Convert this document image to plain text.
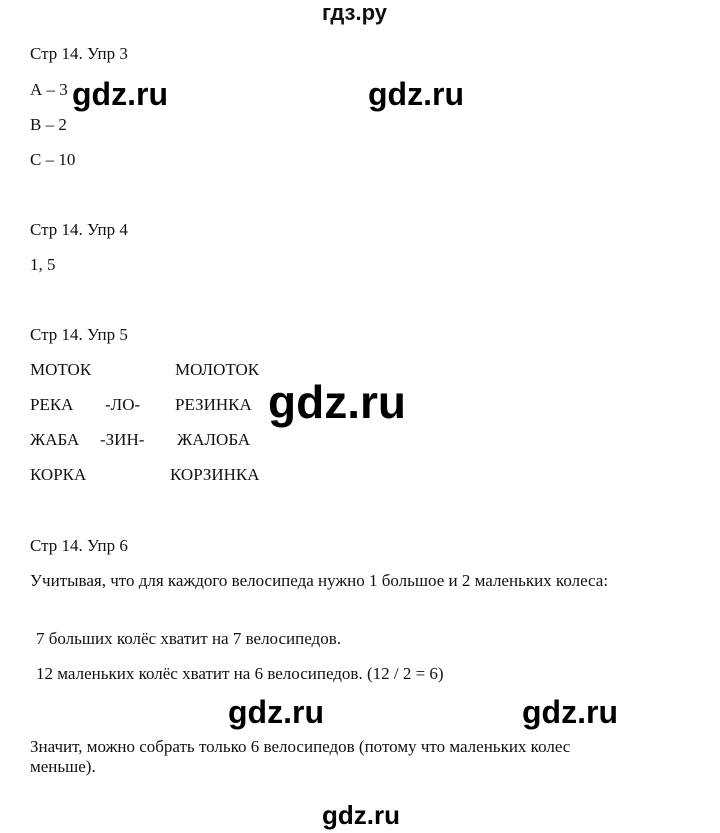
гдз.ру
Стр 14. Упр 3
А – 3
В – 2
С – 10
Стр 14. Упр 4
1, 5
Стр 14. Упр 5
МОТОК	МОЛОТОК
РЕКА -ЛО- РЕЗИНКА
ЖАБА -ЗИН- ЖАЛОБА
КОРКА	КОРЗИНКА
Стр 14. Упр 6
Учитывая, что для каждого велосипеда нужно 1 большое и 2 маленьких колеса:
7 больших колёс хватит на 7 велосипедов.
12 маленьких колёс хватит на 6 велосипедов. (12 / 2 = 6)
Значит, можно собрать только 6 велосипедов (потому что маленьких колес меньше).
gdz.ru	gdz.ru
gdz.ru
gdz.ru	gdz.ru
gdz.ru
